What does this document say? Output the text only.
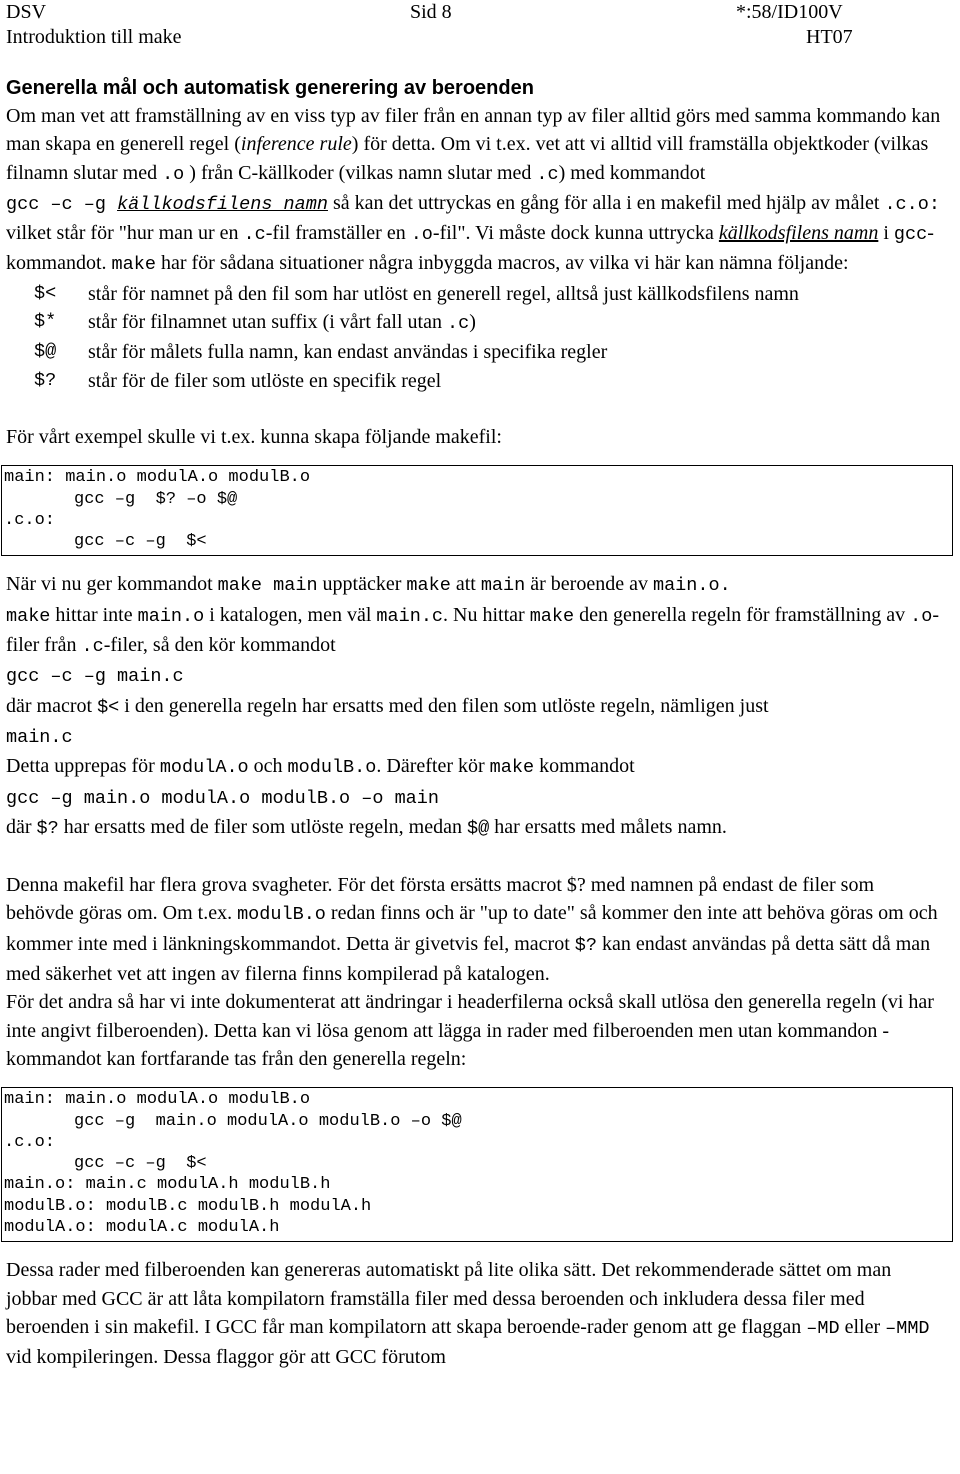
DSV	Sid 8	*:58/ID100V
Introduktion till make	HT07
Generella mål och automatisk generering av beroenden

Om man vet att framställning av en viss typ av filer från en annan typ av filer alltid görs med samma kommando kan man skapa en generell regel (inference rule) för detta. Om vi t.ex. vet att vi alltid vill framställa objektkoder (vilkas filnamn slutar med .o ) från C-källkoder (vilkas namn slutar med .c) med kommandot
gcc –c –g källkodsfilens namn så kan det uttryckas en gång för alla i en makefil med hjälp av målet .c.o: vilket står för "hur man ur en .c-fil framställer en .o-fil". Vi måste dock kunna uttrycka källkodsfilens namn i gcc-kommandot. make har för sådana situationer några inbyggda macros, av vilka vi här kan nämna följande:

$<	står för namnet på den fil som har utlöst en generell regel, alltså just källkodsfilens namn
$*	står för filnamnet utan suffix (i vårt fall utan .c)
$@	står för målets fulla namn, kan endast användas i specifika regler
$?	står för de filer som utlöste en specifik regel

För vårt exempel skulle vi t.ex. kunna skapa följande makefil:

main: main.o modulA.o modulB.o
gcc –g  $? –o $@
.c.o:
gcc –c –g  $<

När vi nu ger kommandot make main upptäcker make att main är beroende av main.o.
make hittar inte main.o i katalogen, men väl main.c. Nu hittar make den generella regeln för framställning av .o-filer från .c-filer, så den kör kommandot
gcc –c –g main.c
där macrot $< i den generella regeln har ersatts med den filen som utlöste regeln, nämligen just
main.c
Detta upprepas för modulA.o och modulB.o. Därefter kör make kommandot
gcc –g main.o modulA.o modulB.o –o main
där $? har ersatts med de filer som utlöste regeln, medan $@ har ersatts med målets namn.

Denna makefil har flera grova svagheter. För det första ersätts macrot $? med namnen på endast de filer som behövde göras om. Om t.ex. modulB.o redan finns och är "up to date" så kommer den inte att behöva göras om och kommer inte med i länkningskommandot. Detta är givetvis fel, macrot $? kan endast användas på detta sätt då man med säkerhet vet att ingen av filerna finns kompilerad på katalogen.

För det andra så har vi inte dokumenterat att ändringar i headerfilerna också skall utlösa den generella regeln (vi har inte angivt filberoenden). Detta kan vi lösa genom att lägga in rader med filberoenden men utan kommandon - kommandot kan fortfarande tas från den generella regeln:

main: main.o modulA.o modulB.o
gcc –g  main.o modulA.o modulB.o –o $@
.c.o:
gcc –c –g  $<
main.o: main.c modulA.h modulB.h
modulB.o: modulB.c modulB.h modulA.h
modulA.o: modulA.c modulA.h

Dessa rader med filberoenden kan genereras automatiskt på lite olika sätt. Det rekommenderade sättet om man jobbar med GCC är att låta kompilatorn framställa filer med dessa beroenden och inkludera dessa filer med beroenden i sin makefil. I GCC får man kompilatorn att skapa beroende-rader genom att ge flaggan –MD eller –MMD vid kompileringen. Dessa flaggor gör att GCC förutom
